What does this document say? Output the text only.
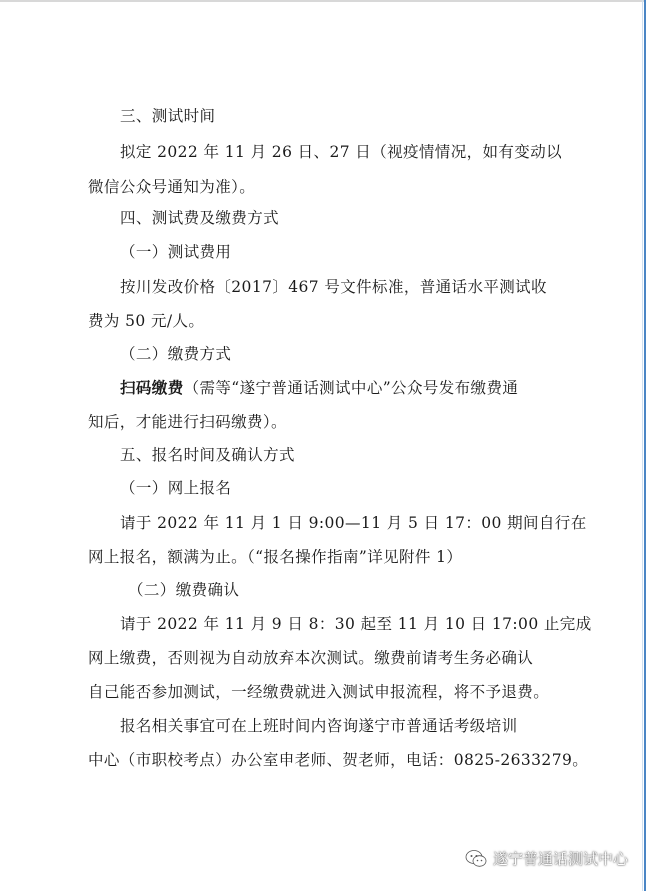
三、测试时间
拟定 2022 年 11 月 26 日、27 日（视疫情情况，如有变动以
微信公众号通知为准）。
四、测试费及缴费方式
（一）测试费用
按川发改价格〔2017〕467 号文件标准，普通话水平测试收
费为 50 元/人。
（二）缴费方式
扫码缴费（需等“遂宁普通话测试中心”公众号发布缴费通
知后，才能进行扫码缴费）。
五、报名时间及确认方式
（一）网上报名
请于 2022 年 11 月 1 日 9:00—11 月 5 日 17：00 期间自行在
网上报名，额满为止。（“报名操作指南”详见附件 1）
（二）缴费确认
请于 2022 年 11 月 9 日 8：30 起至 11 月 10 日 17:00 止完成
网上缴费，否则视为自动放弃本次测试。缴费前请考生务必确认
自己能否参加测试，一经缴费就进入测试申报流程，将不予退费。
报名相关事宜可在上班时间内咨询遂宁市普通话考级培训
中心（市职校考点）办公室申老师、贺老师，电话：0825-2633279。
遂宁普通话测试中心
